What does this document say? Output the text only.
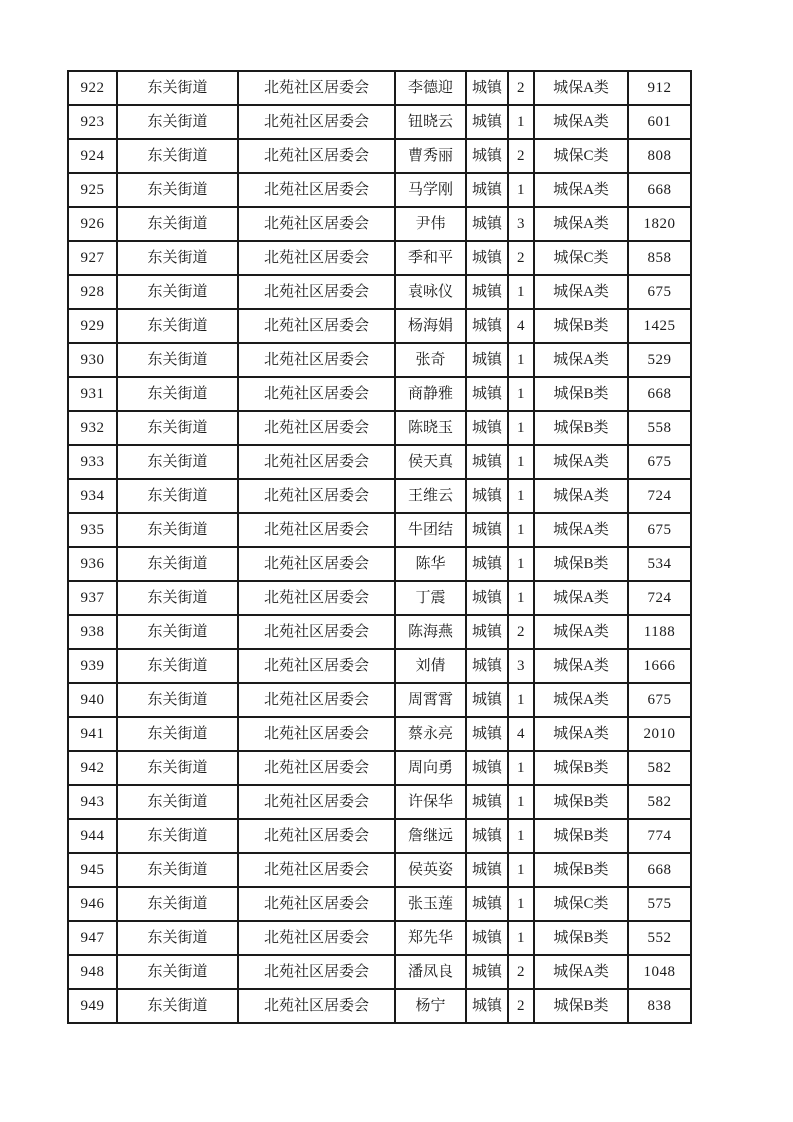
922	东关街道	北苑社区居委会	李德迎	城镇	2	城保A类	912
923	东关街道	北苑社区居委会	钮晓云	城镇	1	城保A类	601
924	东关街道	北苑社区居委会	曹秀丽	城镇	2	城保C类	808
925	东关街道	北苑社区居委会	马学刚	城镇	1	城保A类	668
926	东关街道	北苑社区居委会	尹伟	城镇	3	城保A类	1820
927	东关街道	北苑社区居委会	季和平	城镇	2	城保C类	858
928	东关街道	北苑社区居委会	袁咏仪	城镇	1	城保A类	675
929	东关街道	北苑社区居委会	杨海娟	城镇	4	城保B类	1425
930	东关街道	北苑社区居委会	张奇	城镇	1	城保A类	529
931	东关街道	北苑社区居委会	商静雅	城镇	1	城保B类	668
932	东关街道	北苑社区居委会	陈晓玉	城镇	1	城保B类	558
933	东关街道	北苑社区居委会	侯天真	城镇	1	城保A类	675
934	东关街道	北苑社区居委会	王维云	城镇	1	城保A类	724
935	东关街道	北苑社区居委会	牛团结	城镇	1	城保A类	675
936	东关街道	北苑社区居委会	陈华	城镇	1	城保B类	534
937	东关街道	北苑社区居委会	丁震	城镇	1	城保A类	724
938	东关街道	北苑社区居委会	陈海燕	城镇	2	城保A类	1188
939	东关街道	北苑社区居委会	刘倩	城镇	3	城保A类	1666
940	东关街道	北苑社区居委会	周霄霄	城镇	1	城保A类	675
941	东关街道	北苑社区居委会	蔡永亮	城镇	4	城保A类	2010
942	东关街道	北苑社区居委会	周向勇	城镇	1	城保B类	582
943	东关街道	北苑社区居委会	许保华	城镇	1	城保B类	582
944	东关街道	北苑社区居委会	詹继远	城镇	1	城保B类	774
945	东关街道	北苑社区居委会	侯英姿	城镇	1	城保B类	668
946	东关街道	北苑社区居委会	张玉莲	城镇	1	城保C类	575
947	东关街道	北苑社区居委会	郑先华	城镇	1	城保B类	552
948	东关街道	北苑社区居委会	潘凤良	城镇	2	城保A类	1048
949	东关街道	北苑社区居委会	杨宁	城镇	2	城保B类	838
